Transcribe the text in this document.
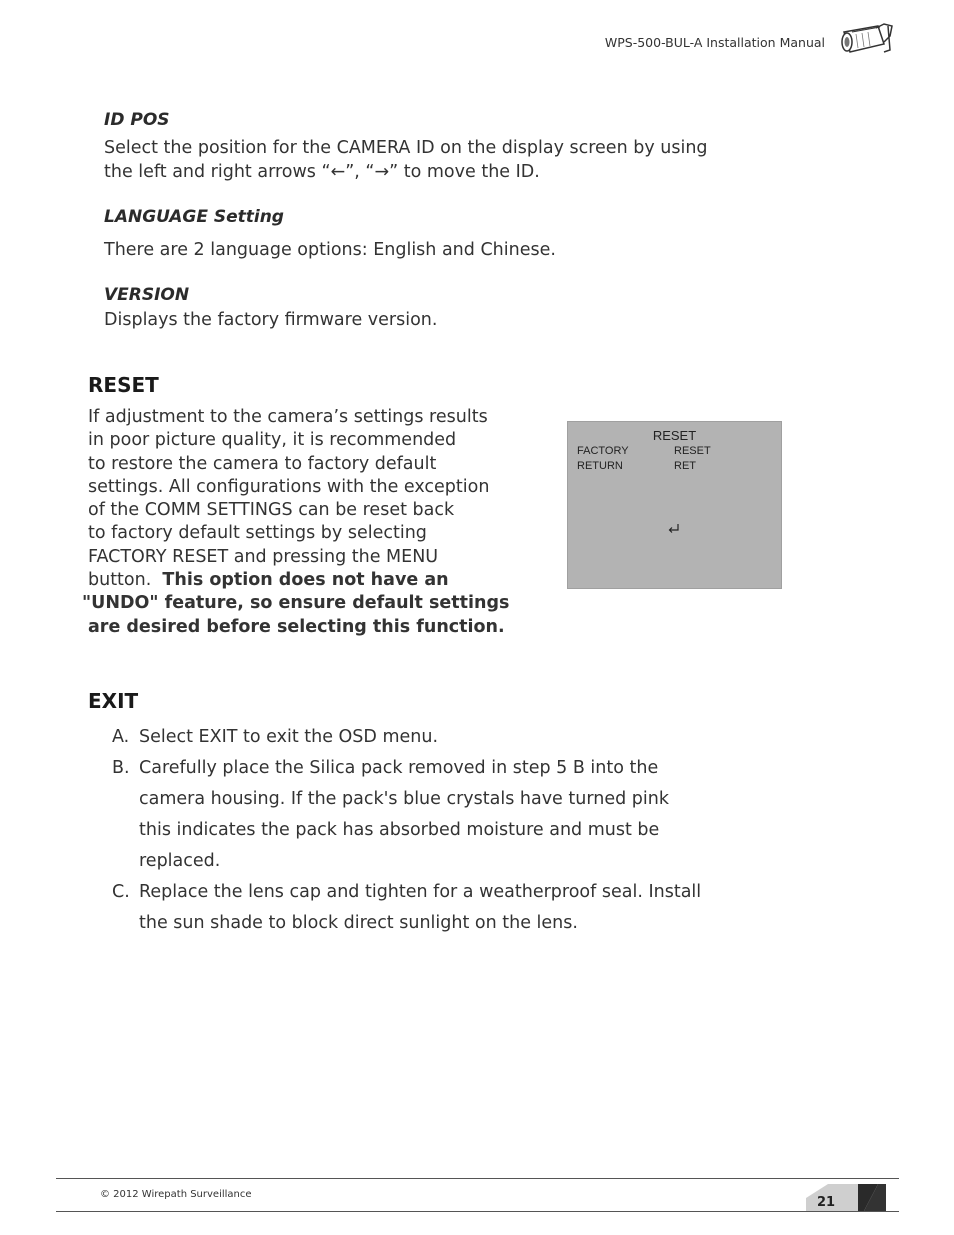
WPS-500-BUL-A Installation Manual
ID POS
Select the position for the CAMERA ID on the display screen by using
the left and right arrows “←”, “→” to move the ID.
LANGUAGE Setting
There are 2 language options: English and Chinese.
VERSION
Displays the factory firmware version.
RESET
If adjustment to the camera’s settings results
in poor picture quality, it is recommended
to restore the camera to factory default
settings. All configurations with the exception
of the COMM SETTINGS can be reset back
to factory default settings by selecting
FACTORY RESET and pressing the MENU
button.  This option does not have an
"UNDO" feature, so ensure default settings
are desired before selecting this function.
RESET
FACTORY	RESET
RETURN	RET
EXIT
A. Select EXIT to exit the OSD menu.
B. Carefully place the Silica pack removed in step 5 B into the
camera housing. If the pack's blue crystals have turned pink
this indicates the pack has absorbed moisture and must be
replaced.
C. Replace the lens cap and tighten for a weatherproof seal. Install
the sun shade to block direct sunlight on the lens.
© 2012 Wirepath Surveillance
21
